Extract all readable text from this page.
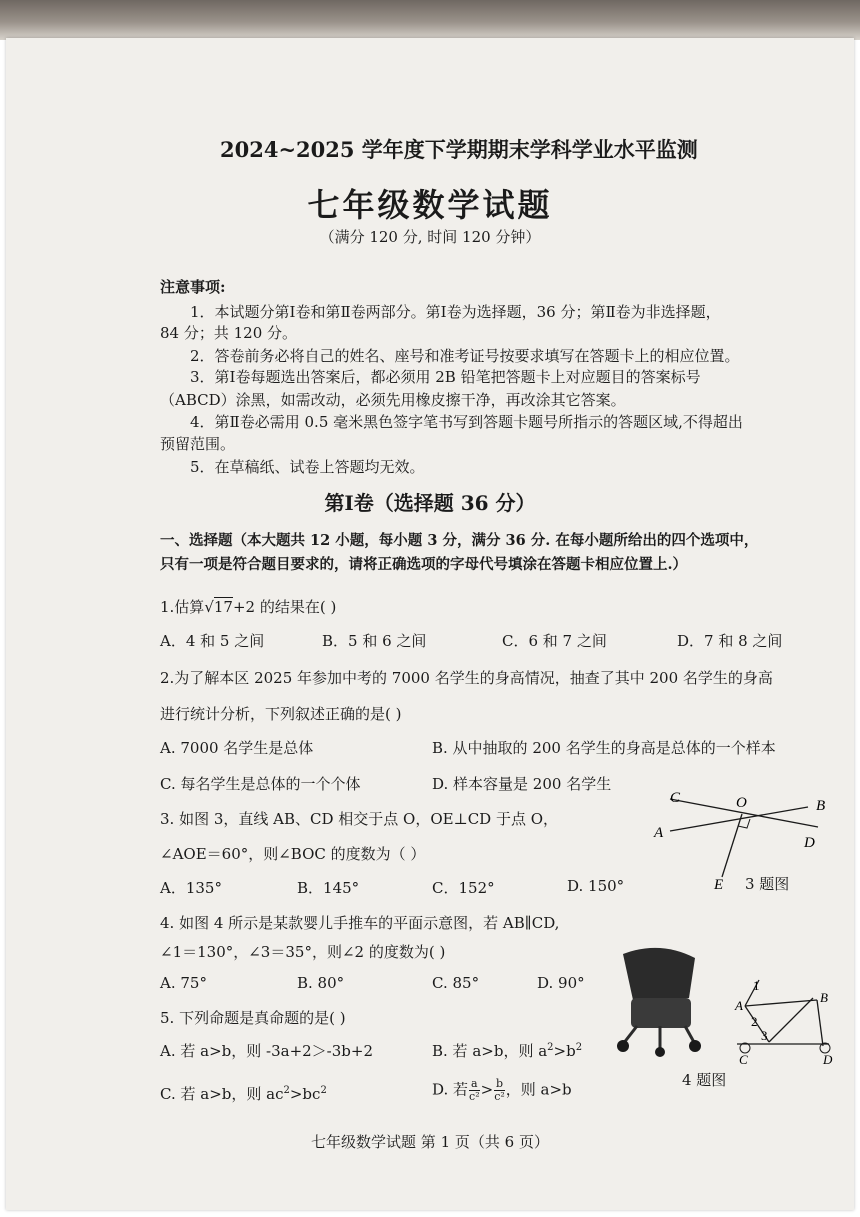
2024~2025 学年度下学期期末学科学业水平监测
七年级数学试题
（满分 120 分, 时间 120 分钟）
注意事项:
1．本试题分第Ⅰ卷和第Ⅱ卷两部分。第Ⅰ卷为选择题，36 分；第Ⅱ卷为非选择题，
84 分；共 120 分。
2．答卷前务必将自己的姓名、座号和准考证号按要求填写在答题卡上的相应位置。
3．第Ⅰ卷每题选出答案后，都必须用 2B 铅笔把答题卡上对应题目的答案标号
（ABCD）涂黑，如需改动，必须先用橡皮擦干净，再改涂其它答案。
4．第Ⅱ卷必需用 0.5 毫米黑色签字笔书写到答题卡题号所指示的答题区域,不得超出
预留范围。
5．在草稿纸、试卷上答题均无效。
第Ⅰ卷（选择题 36 分）
一、选择题（本大题共 12 小题，每小题 3 分，满分 36 分. 在每小题所给出的四个选项中，
只有一项是符合题目要求的，请将正确选项的字母代号填涂在答题卡相应位置上.）
1.估算√17+2 的结果在( )
A．4 和 5 之间	B．5 和 6 之间	C．6 和 7 之间	D．7 和 8 之间
2.为了解本区 2025 年参加中考的 7000 名学生的身高情况，抽查了其中 200 名学生的身高
进行统计分析，下列叙述正确的是( )
A. 7000 名学生是总体	B. 从中抽取的 200 名学生的身高是总体的一个样本
C. 每名学生是总体的一个个体	D. 样本容量是 200 名学生
3. 如图 3，直线 AB、CD 相交于点 O，OE⊥CD 于点 O，
∠AOE＝60°，则∠BOC 的度数为（ ）
A．135°	B．145°	C．152°	D. 150°
C	O	B
A
D
E 3 题图
4. 如图 4 所示是某款婴儿手推车的平面示意图，若 AB∥CD,
∠1＝130°，∠3＝35°，则∠2 的度数为( )
A. 75°	B. 80°	C. 85°	D. 90°	1
2
3
A
B
C	D
4 题图
5. 下列命题是真命题的是( )
A. 若 a>b，则 -3a+2＞-3b+2	B. 若 a>b，则 $a^2>b^2$
C. 若 a>b，则 $ac^2>bc^2$	D. 若 $\frac{a}{\text{c²}} > \frac{b}{\text{c²}}$ ，则 a>b
七年级数学试题 第 1 页（共 6 页）
